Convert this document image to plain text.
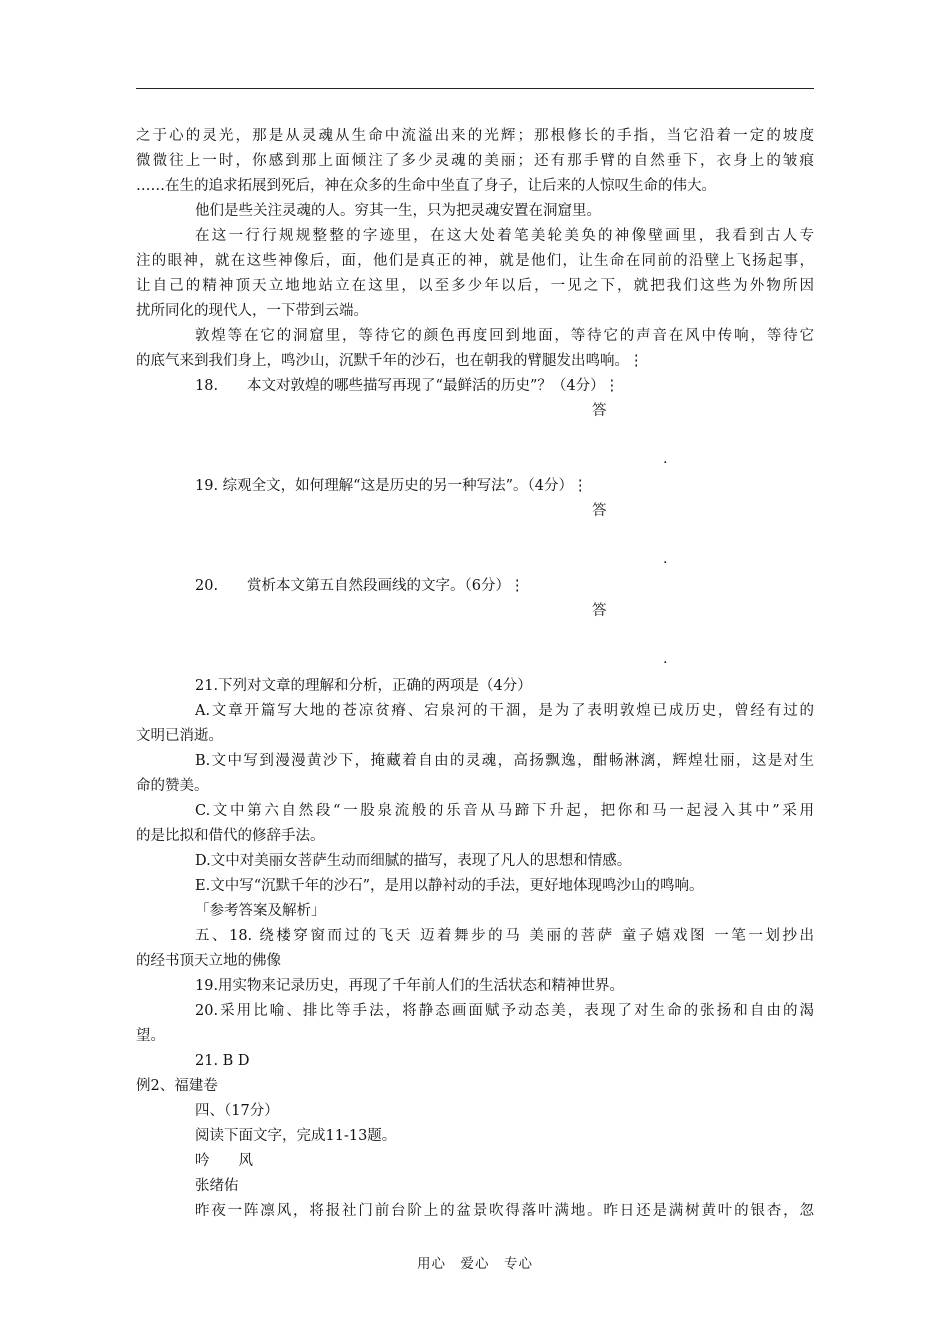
之于心的灵光，那是从灵魂从生命中流溢出来的光辉；那根修长的手指，当它沿着一定的坡度
微微往上一时，你感到那上面倾注了多少灵魂的美丽；还有那手臂的自然垂下，衣身上的皱痕
……在生的追求拓展到死后，神在众多的生命中坐直了身子，让后来的人惊叹生命的伟大。
他们是些关注灵魂的人。穷其一生，只为把灵魂安置在洞窟里。
在这一行行规规整整的字迹里，在这大处着笔美轮美奂的神像壁画里，我看到古人专
注的眼神，就在这些神像后，面，他们是真正的神，就是他们，让生命在同前的沿壁上飞扬起事，
让自己的精神顶天立地地站立在这里，以至多少年以后，一见之下，就把我们这些为外物所因
扰所同化的现代人，一下带到云端。
敦煌等在它的洞窟里，等待它的颜色再度回到地面，等待它的声音在风中传响，等待它
的底气来到我们身上，鸣沙山，沉默千年的沙石，也在朝我的臂腿发出鸣响。⋮
18.　　本文对敦煌的哪些描写再现了“最鲜活的历史”？（4分）⋮
答
.
19. 综观全文，如何理解“这是历史的另一种写法”。（4分）⋮
答
.
20.　　赏析本文第五自然段画线的文字。（6分）⋮
答
.
21.下列对文章的理解和分析，正确的两项是（4分）
A.文章开篇写大地的苍凉贫瘠、宕泉河的干涸，是为了表明敦煌已成历史，曾经有过的
文明已消逝。
B.文中写到漫漫黄沙下，掩藏着自由的灵魂，高扬飘逸，酣畅淋漓，辉煌壮丽，这是对生
命的赞美。
C.文中第六自然段“一股泉流般的乐音从马蹄下升起，把你和马一起浸入其中”采用
的是比拟和借代的修辞手法。
D.文中对美丽女菩萨生动而细腻的描写，表现了凡人的思想和情感。
E.文中写“沉默千年的沙石”，是用以静衬动的手法，更好地体现鸣沙山的鸣响。
「参考答案及解析」
五、18. 绕楼穿窗而过的飞天 迈着舞步的马 美丽的菩萨 童子嬉戏图 一笔一划抄出
的经书顶天立地的佛像
19.用实物来记录历史，再现了千年前人们的生活状态和精神世界。
20.采用比喻、排比等手法，将静态画面赋予动态美，表现了对生命的张扬和自由的渴
望。
21. B D
例2、福建卷
四、（17分）
阅读下面文字，完成11-13题。
吟　　风
张绪佑
昨夜一阵凛风，将报社门前台阶上的盆景吹得落叶满地。昨日还是满树黄叶的银杏，忽
用心　爱心　专心
